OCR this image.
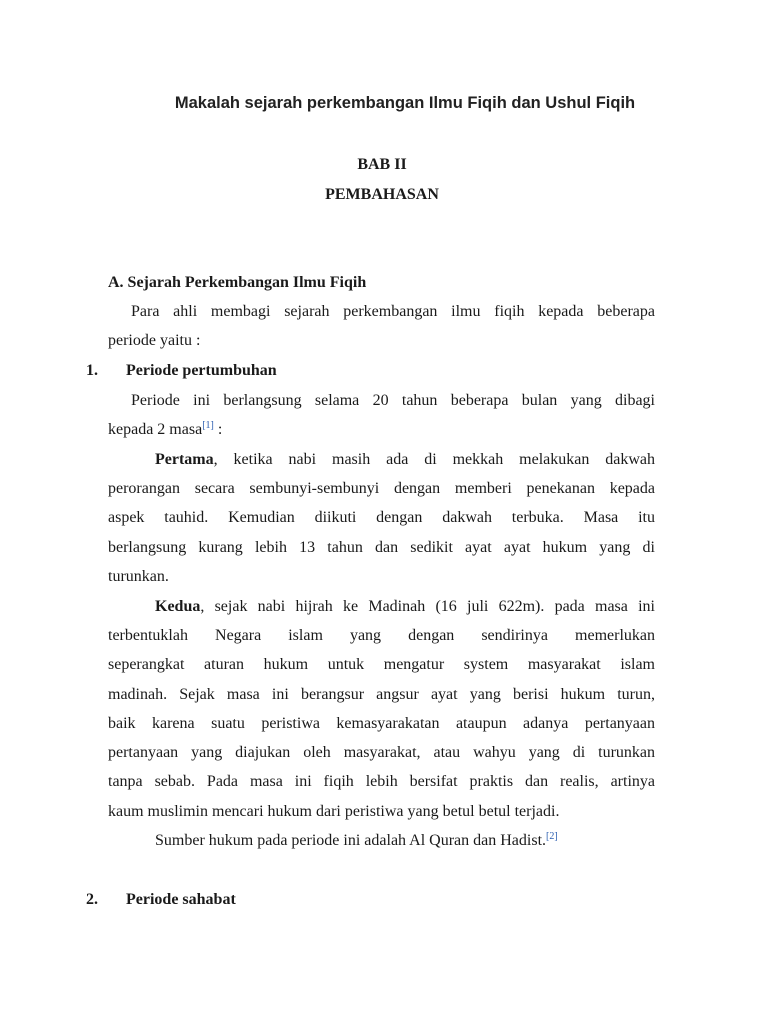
Makalah sejarah perkembangan Ilmu Fiqih dan Ushul Fiqih
BAB II
PEMBAHASAN
A. Sejarah Perkembangan Ilmu Fiqih
Para ahli membagi sejarah perkembangan ilmu fiqih kepada beberapa
periode yaitu :
1. Periode pertumbuhan
Periode ini berlangsung selama 20 tahun beberapa bulan yang dibagi
kepada 2 masa[1] :
Pertama, ketika nabi masih ada di mekkah melakukan dakwah
perorangan secara sembunyi-sembunyi dengan memberi penekanan kepada
aspek tauhid. Kemudian diikuti dengan dakwah terbuka. Masa itu
berlangsung kurang lebih 13 tahun dan sedikit ayat ayat hukum yang di
turunkan.
Kedua, sejak nabi hijrah ke Madinah (16 juli 622m). pada masa ini
terbentuklah Negara islam yang dengan sendirinya memerlukan
seperangkat aturan hukum untuk mengatur system masyarakat islam
madinah. Sejak masa ini berangsur angsur ayat yang berisi hukum turun,
baik karena suatu peristiwa kemasyarakatan ataupun adanya pertanyaan
pertanyaan yang diajukan oleh masyarakat, atau wahyu yang di turunkan
tanpa sebab. Pada masa ini fiqih lebih bersifat praktis dan realis, artinya
kaum muslimin mencari hukum dari peristiwa yang betul betul terjadi.
Sumber hukum pada periode ini adalah Al Quran dan Hadist.[2]
2. Periode sahabat
